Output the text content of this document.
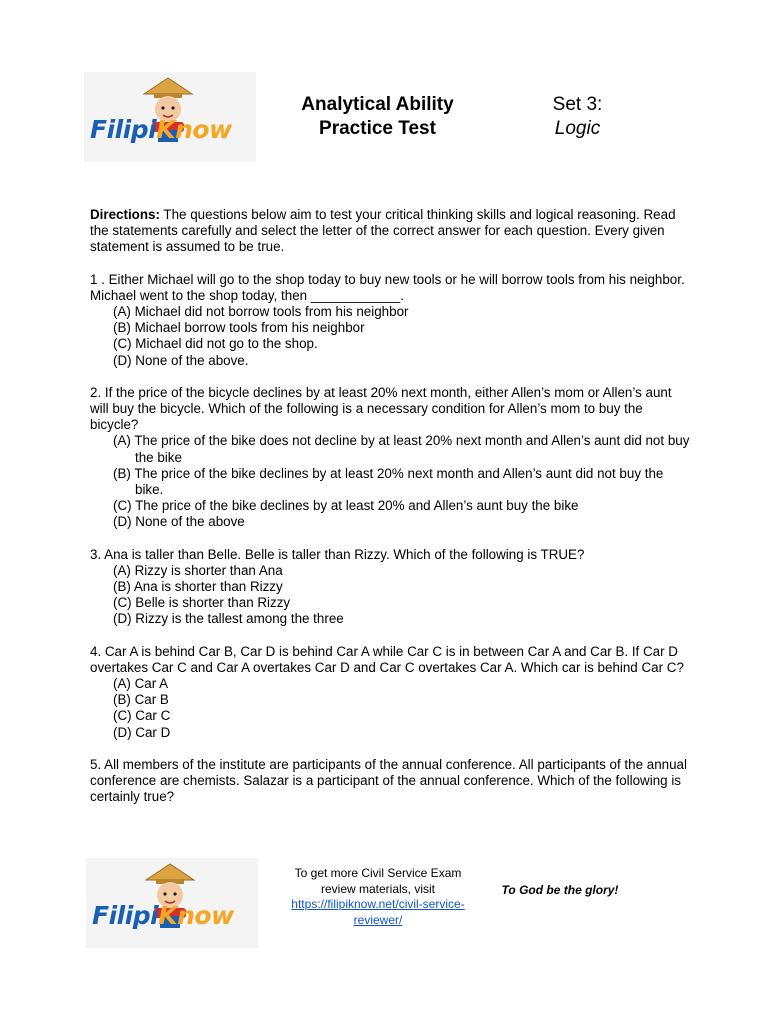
FilipiKnow
Analytical Ability
Practice Test
Set 3:
Logic

Directions: The questions below aim to test your critical thinking skills and logical reasoning. Read the statements carefully and select the letter of the correct answer for each question. Every given statement is assumed to be true.

1 . Either Michael will go to the shop today to buy new tools or he will borrow tools from his neighbor. Michael went to the shop today, then ____________.

(A) Michael did not borrow tools from his neighbor
(B) Michael borrow tools from his neighbor
(C) Michael did not go to the shop.
(D) None of the above.

2. If the price of the bicycle declines by at least 20% next month, either Allen’s mom or Allen’s aunt will buy the bicycle. Which of the following is a necessary condition for Allen’s mom to buy the bicycle?

(A) The price of the bike does not decline by at least 20% next month and Allen’s aunt did not buy the bike
(B) The price of the bike declines by at least 20% next month and Allen’s aunt did not buy the bike.
(C) The price of the bike declines by at least 20% and Allen’s aunt buy the bike
(D) None of the above

3. Ana is taller than Belle. Belle is taller than Rizzy. Which of the following is TRUE?

(A) Rizzy is shorter than Ana
(B) Ana is shorter than Rizzy
(C) Belle is shorter than Rizzy
(D) Rizzy is the tallest among the three

4. Car A is behind Car B, Car D is behind Car A while Car C is in between Car A and Car B. If Car D overtakes Car C and Car A overtakes Car D and Car C overtakes Car A. Which car is behind Car C?

(A) Car A
(B) Car B
(C) Car C
(D) Car D

5. All members of the institute are participants of the annual conference. All participants of the annual conference are chemists. Salazar is a participant of the annual conference. Which of the following is certainly true?

FilipiKnow
To get more Civil Service Exam review materials, visit
https://filipiknow.net/civil-service-reviewer/
To God be the glory!
